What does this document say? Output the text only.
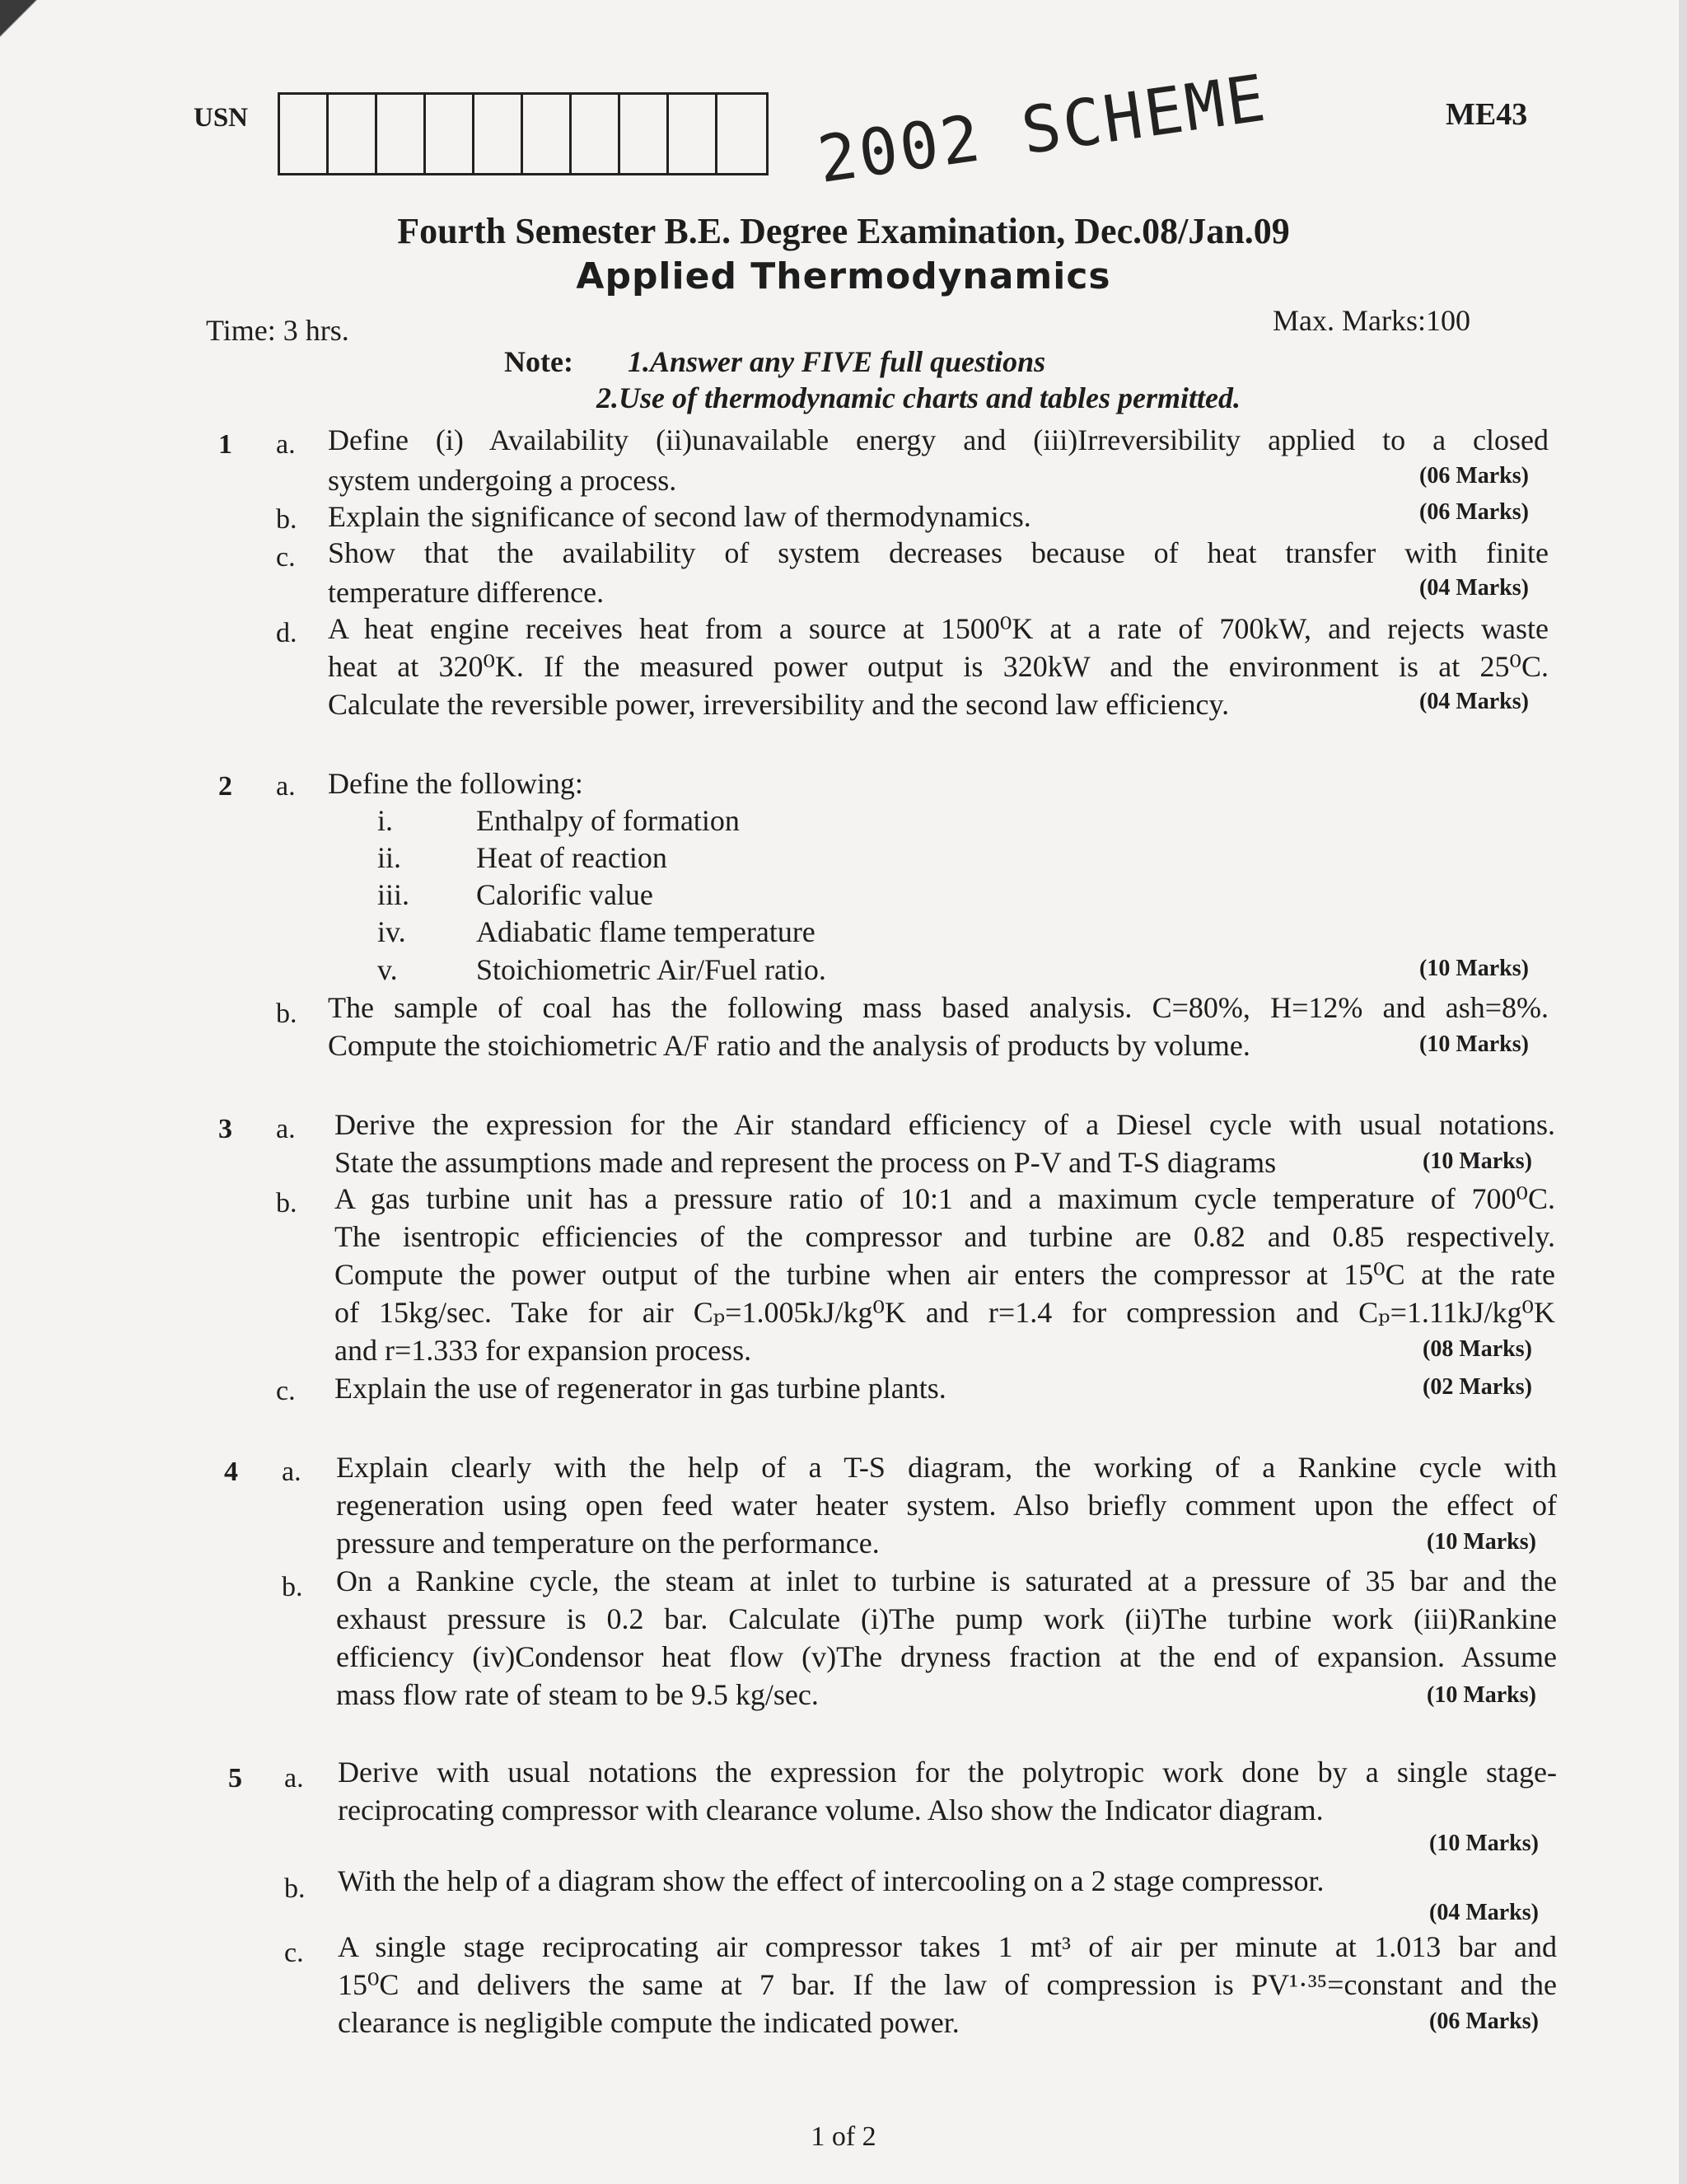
USN	2002 SCHEME	ME43
Fourth Semester B.E. Degree Examination, Dec.08/Jan.09
Applied Thermodynamics
Time: 3 hrs.	Max. Marks:100
Note: 1.Answer any FIVE full questions
2.Use of thermodynamic charts and tables permitted.
1 a. Define (i) Availability (ii)unavailable energy and (iii)Irreversibility applied to a closed
system undergoing a process.	(06 Marks)
b. Explain the significance of second law of thermodynamics.	(06 Marks)
c. Show that the availability of system decreases because of heat transfer with finite
temperature difference.	(04 Marks)
d. A heat engine receives heat from a source at 1500⁰K at a rate of 700kW, and rejects waste
heat at 320⁰K. If the measured power output is 320kW and the environment is at 25⁰C.
Calculate the reversible power, irreversibility and the second law efficiency.	(04 Marks)
2 a. Define the following:
i.	Enthalpy of formation
ii.	Heat of reaction
iii. Calorific value
iv. Adiabatic flame temperature
v.	Stoichiometric Air/Fuel ratio.	(10 Marks)
b. The sample of coal has the following mass based analysis. C=80%, H=12% and ash=8%.
Compute the stoichiometric A/F ratio and the analysis of products by volume.	(10 Marks)
3 a. Derive the expression for the Air standard efficiency of a Diesel cycle with usual notations.
State the assumptions made and represent the process on P-V and T-S diagrams	(10 Marks)
b. A gas turbine unit has a pressure ratio of 10:1 and a maximum cycle temperature of 700⁰C.
The isentropic efficiencies of the compressor and turbine are 0.82 and 0.85 respectively.
Compute the power output of the turbine when air enters the compressor at 15⁰C at the rate
of 15kg/sec. Take for air Cₚ=1.005kJ/kg⁰K and r=1.4 for compression and Cₚ=1.11kJ/kg⁰K
and r=1.333 for expansion process.	(08 Marks)
c. Explain the use of regenerator in gas turbine plants.	(02 Marks)
4 a. Explain clearly with the help of a T-S diagram, the working of a Rankine cycle with
regeneration using open feed water heater system. Also briefly comment upon the effect of
pressure and temperature on the performance.	(10 Marks)
b. On a Rankine cycle, the steam at inlet to turbine is saturated at a pressure of 35 bar and the
exhaust pressure is 0.2 bar. Calculate (i)The pump work (ii)The turbine work (iii)Rankine
efficiency (iv)Condensor heat flow (v)The dryness fraction at the end of expansion. Assume
mass flow rate of steam to be 9.5 kg/sec.	(10 Marks)
5 a. Derive with usual notations the expression for the polytropic work done by a single stage-
reciprocating compressor with clearance volume. Also show the Indicator diagram.
(10 Marks)
b. With the help of a diagram show the effect of intercooling on a 2 stage compressor.
(04 Marks)
c. A single stage reciprocating air compressor takes 1 mt³ of air per minute at 1.013 bar and
15⁰C and delivers the same at 7 bar. If the law of compression is PV¹·³⁵=constant and the
clearance is negligible compute the indicated power.	(06 Marks)
1 of 2
